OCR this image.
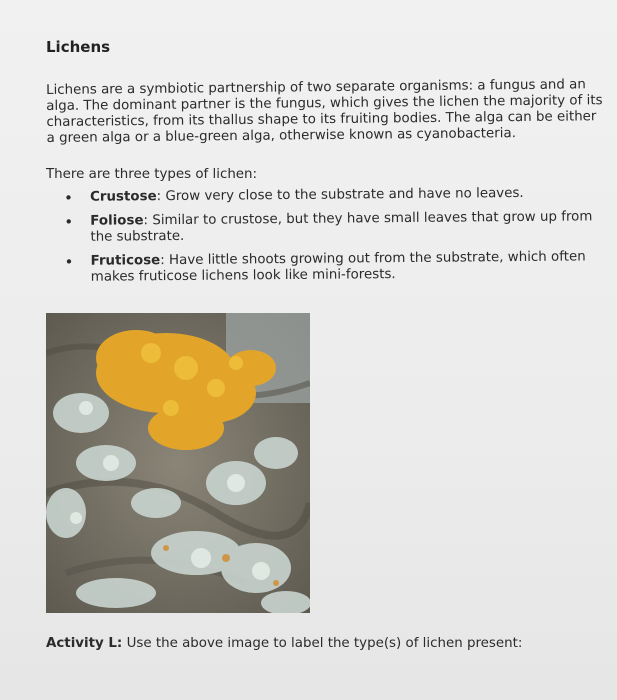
Lichens
Lichens are a symbiotic partnership of two separate organisms: a fungus and an alga. The dominant partner is the fungus, which gives the lichen the majority of its characteristics, from its thallus shape to its fruiting bodies. The alga can be either a green alga or a blue-green alga, otherwise known as cyanobacteria.
There are three types of lichen:
• Crustose: Grow very close to the substrate and have no leaves.
• Foliose: Similar to crustose, but they have small leaves that grow up from the substrate.
• Fruticose: Have little shoots growing out from the substrate, which often makes fruticose lichens look like mini-forests.
Activity L: Use the above image to label the type(s) of lichen present:
